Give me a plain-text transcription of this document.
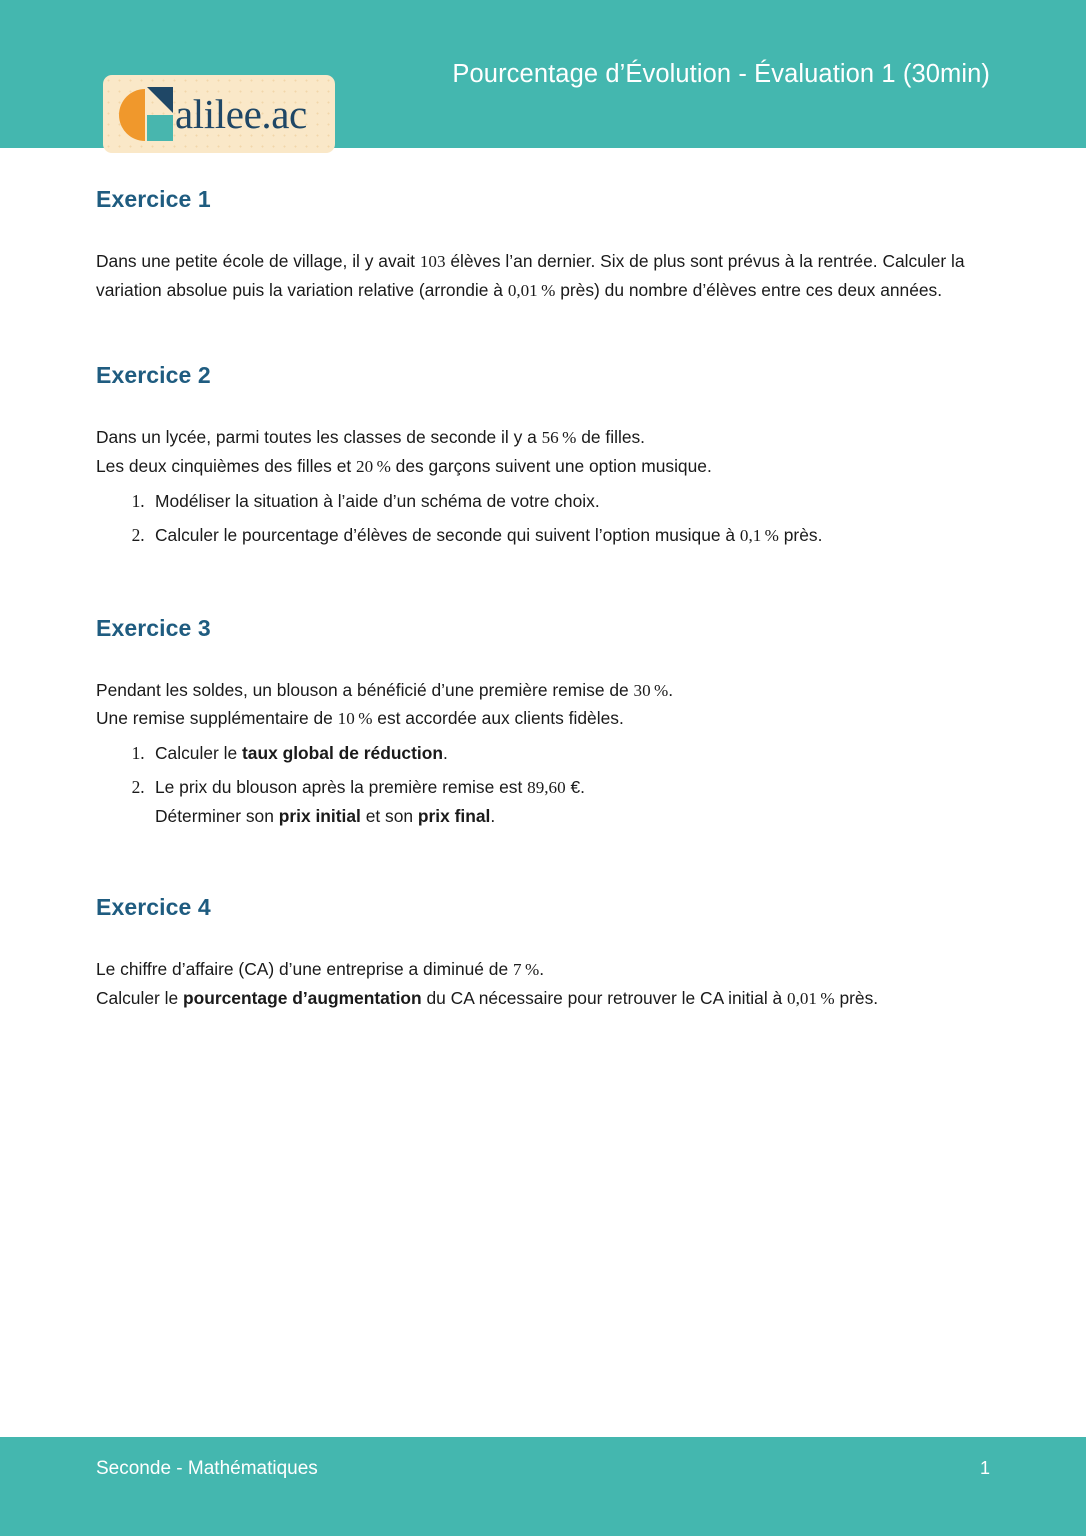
Pourcentage d’Évolution - Évaluation 1 (30min)
alilee.ac
Exercice 1
Dans une petite école de village, il y avait 103 élèves l’an dernier. Six de plus sont prévus à la rentrée. Calculer la variation absolue puis la variation relative (arrondie à 0,01 % près) du nombre d’élèves entre ces deux années.
Exercice 2
Dans un lycée, parmi toutes les classes de seconde il y a 56 % de filles.
Les deux cinquièmes des filles et 20 % des garçons suivent une option musique.
1. Modéliser la situation à l’aide d’un schéma de votre choix.
2. Calculer le pourcentage d’élèves de seconde qui suivent l’option musique à 0,1 % près.
Exercice 3
Pendant les soldes, un blouson a bénéficié d’une première remise de 30 %.
Une remise supplémentaire de 10 % est accordée aux clients fidèles.
1. Calculer le taux global de réduction.
2. Le prix du blouson après la première remise est 89,60 €.
Déterminer son prix initial et son prix final.
Exercice 4
Le chiffre d’affaire (CA) d’une entreprise a diminué de 7 %.
Calculer le pourcentage d’augmentation du CA nécessaire pour retrouver le CA initial à 0,01 % près.
Seconde - Mathématiques	1
